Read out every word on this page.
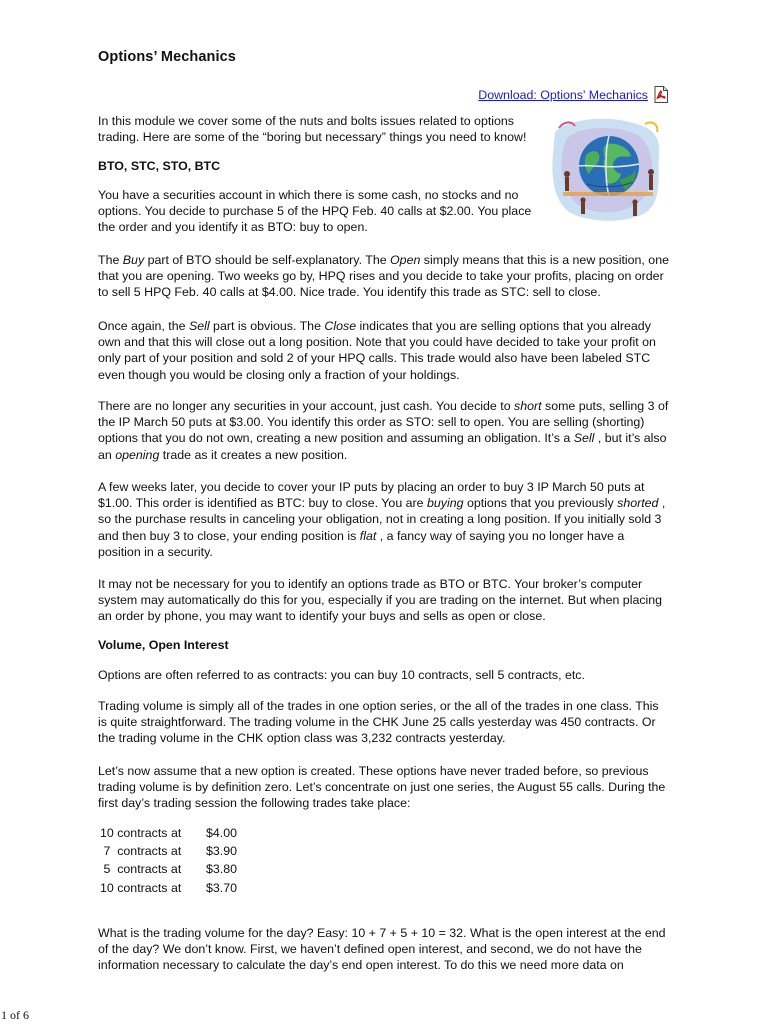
Options’ Mechanics
Download: Options' Mechanics

In this module we cover some of the nuts and bolts issues related to options trading. Here are some of the “boring but necessary” things you need to know!

BTO, STC, STO, BTC

You have a securities account in which there is some cash, no stocks and no options. You decide to purchase 5 of the HPQ Feb. 40 calls at $2.00. You place the order and you identify it as BTO: buy to open.

The Buy part of BTO should be self-explanatory. The Open simply means that this is a new position, one that you are opening. Two weeks go by, HPQ rises and you decide to take your profits, placing on order to sell 5 HPQ Feb. 40 calls at $4.00. Nice trade. You identify this trade as STC: sell to close.

Once again, the Sell part is obvious. The Close indicates that you are selling options that you already own and that this will close out a long position. Note that you could have decided to take your profit on only part of your position and sold 2 of your HPQ calls. This trade would also have been labeled STC even though you would be closing only a fraction of your holdings.

There are no longer any securities in your account, just cash. You decide to short some puts, selling 3 of the IP March 50 puts at $3.00. You identify this order as STO: sell to open. You are selling (shorting) options that you do not own, creating a new position and assuming an obligation. It’s a Sell , but it’s also an opening trade as it creates a new position.

A few weeks later, you decide to cover your IP puts by placing an order to buy 3 IP March 50 puts at $1.00. This order is identified as BTC: buy to close. You are buying options that you previously shorted , so the purchase results in canceling your obligation, not in creating a long position. If you initially sold 3 and then buy 3 to close, your ending position is flat , a fancy way of saying you no longer have a position in a security.

It may not be necessary for you to identify an options trade as BTO or BTC. Your broker’s computer system may automatically do this for you, especially if you are trading on the internet. But when placing an order by phone, you may want to identify your buys and sells as open or close.

Volume, Open Interest

Options are often referred to as contracts: you can buy 10 contracts, sell 5 contracts, etc.

Trading volume is simply all of the trades in one option series, or the all of the trades in one class. This is quite straightforward. The trading volume in the CHK June 25 calls yesterday was 450 contracts. Or the trading volume in the CHK option class was 3,232 contracts yesterday.

Let’s now assume that a new option is created. These options have never traded before, so previous trading volume is by definition zero. Let’s concentrate on just one series, the August 55 calls. During the first day’s trading session the following trades take place:

10 contracts at	$4.00
7  contracts at	$3.90
5  contracts at	$3.80
10 contracts at	$3.70

What is the trading volume for the day? Easy: 10 + 7 + 5 + 10 = 32. What is the open interest at the end of the day? We don’t know. First, we haven’t defined open interest, and second, we do not have the information necessary to calculate the day’s end open interest. To do this we need more data on

1 of 6
